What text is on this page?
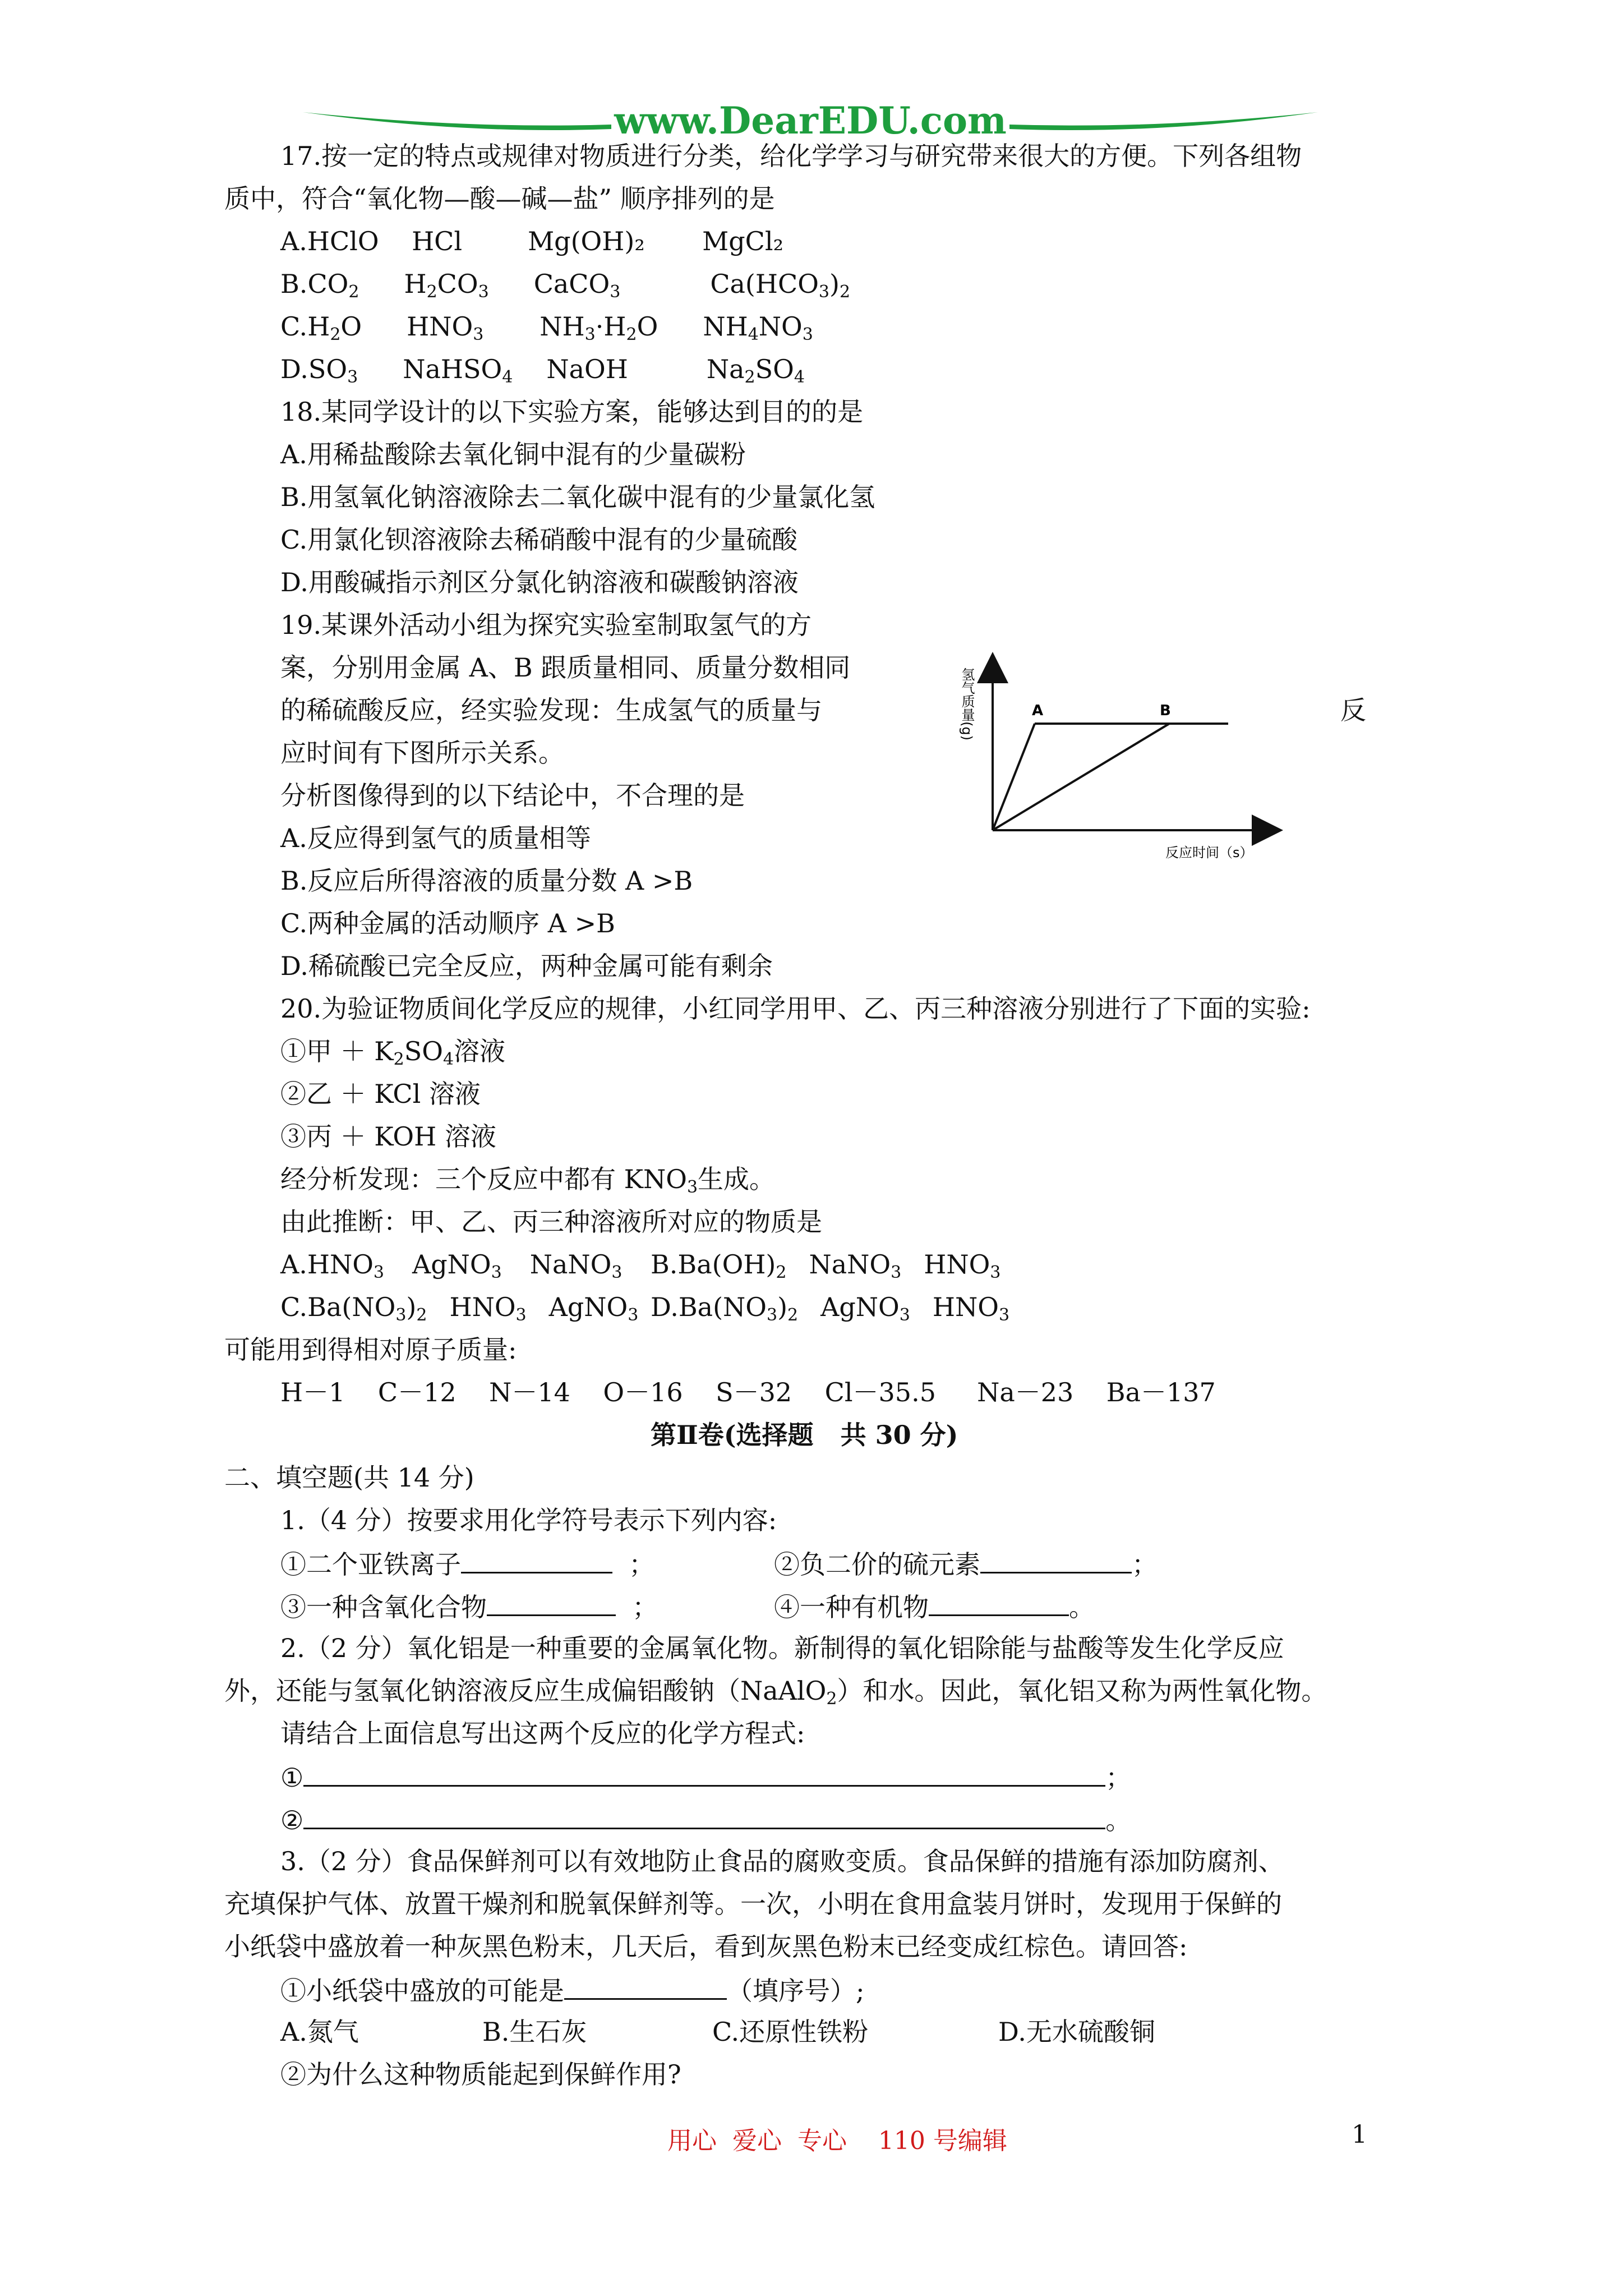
www.DearEDU.com
17.按一定的特点或规律对物质进行分类，给化学学习与研究带来很大的方便。下列各组物
质中，符合“氧化物—酸—碱—盐” 顺序排列的是
A.HClO    HCl        Mg(OH)₂       MgCl₂
$B.CO_2$ $H_2CO_3$ CaCO$_3$	$Ca(HCO_3)_2$
$C.H_2O$ $HNO_3$ $NH_3\cdot H_2O$ $NH_4NO_3$
$D.SO_3$ NaHSO$_4$ NaOH	$Na_2SO_4$
18.某同学设计的以下实验方案，能够达到目的的是
A.用稀盐酸除去氧化铜中混有的少量碳粉
B.用氢氧化钠溶液除去二氧化碳中混有的少量氯化氢
C.用氯化钡溶液除去稀硝酸中混有的少量硫酸
D.用酸碱指示剂区分氯化钠溶液和碳酸钠溶液
19.某课外活动小组为探究实验室制取氢气的方
案，分别用金属 A、B 跟质量相同、质量分数相同
的稀硫酸反应，经实验发现：生成氢气的质量与	反
应时间有下图所示关系。
分析图像得到的以下结论中，不合理的是
A.反应得到氢气的质量相等
B.反应后所得溶液的质量分数 A >B
C.两种金属的活动顺序 A >B
D.稀硫酸已完全反应，两种金属可能有剩余
A	B
反应时间（s）
氢气质量(g)
20.为验证物质间化学反应的规律，小红同学用甲、乙、丙三种溶液分别进行了下面的实验:
①甲 ＋ $K_2SO_4$溶液
②乙 ＋ KCl 溶液
③丙 ＋ KOH 溶液
经分析发现：三个反应中都有 $KNO_3$生成。
由此推断：甲、乙、丙三种溶液所对应的物质是
$A.HNO_3$ AgNO$_3$ NaNO$_3$ $B.Ba(OH)_2$ NaNO$_3$ $HNO_3$
$C.Ba(NO_3)_2$ $HNO_3$ AgNO$_3$ $D.Ba(NO_3)_2$ AgNO$_3$ $HNO_3$
可能用到得相对原子质量:
H－1    C－12    N－14    O－16    S－32    Cl－35.5     Na－23    Ba－137
第Ⅱ卷(选择题   共 30 分)
二、填空题(共 14 分)
1.（4 分）按要求用化学符号表示下列内容:
①二个亚铁离子	；	②负二价的硫元素	；
③一种含氧化合物	；	④一种有机物	。
2.（2 分）氧化铝是一种重要的金属氧化物。新制得的氧化铝除能与盐酸等发生化学反应
外，还能与氢氧化钠溶液反应生成偏铝酸钠（NaAlO$_2$）和水。因此，氧化铝又称为两性氧化物。
请结合上面信息写出这两个反应的化学方程式:
①	；
②	。
3.（2 分）食品保鲜剂可以有效地防止食品的腐败变质。食品保鲜的措施有添加防腐剂、
充填保护气体、放置干燥剂和脱氧保鲜剂等。一次，小明在食用盒装月饼时，发现用于保鲜的
小纸袋中盛放着一种灰黑色粉末，几天后，看到灰黑色粉末已经变成红棕色。请回答:
①小纸袋中盛放的可能是	（填序号）;
A.氮气	B.生石灰	C.还原性铁粉	D.无水硫酸铜
②为什么这种物质能起到保鲜作用?
用心  爱心  专心    110 号编辑	1
